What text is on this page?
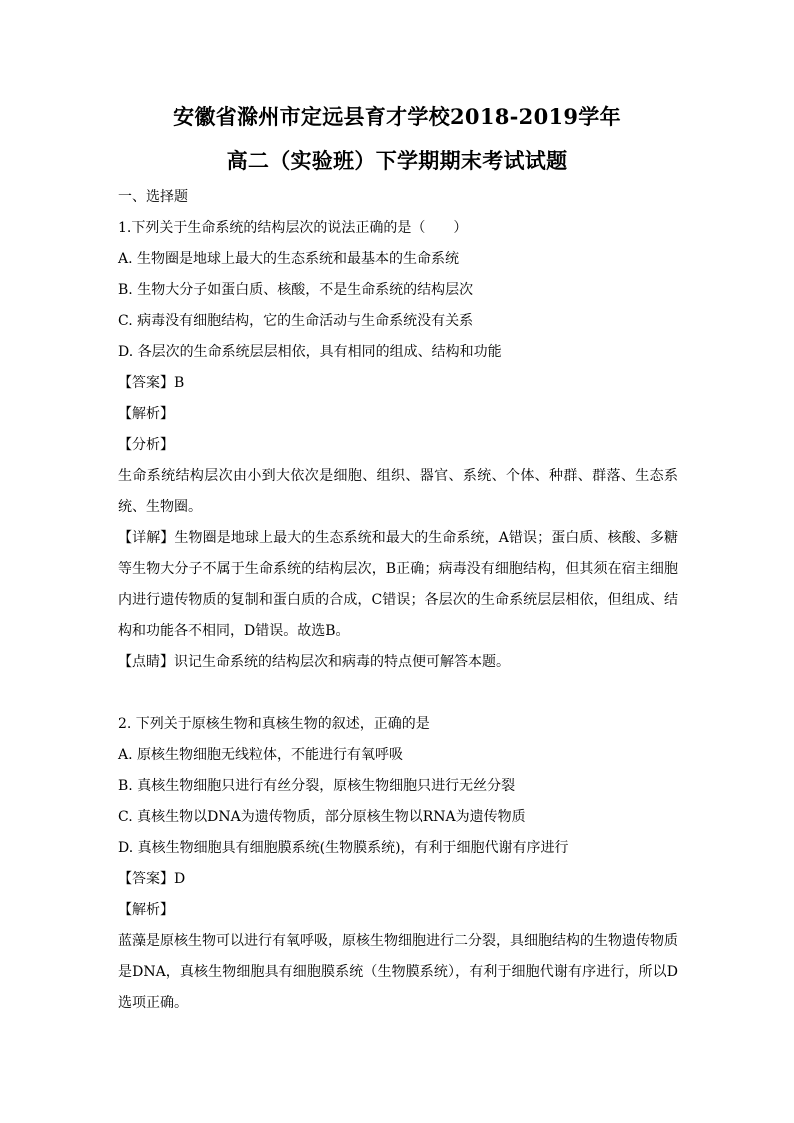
安徽省滁州市定远县育才学校2018-2019学年
高二（实验班）下学期期末考试试题

一、选择题

1.下列关于生命系统的结构层次的说法正确的是（　　）

A. 生物圈是地球上最大的生态系统和最基本的生命系统

B. 生物大分子如蛋白质、核酸，不是生命系统的结构层次

C. 病毒没有细胞结构，它的生命活动与生命系统没有关系

D. 各层次的生命系统层层相依，具有相同的组成、结构和功能

【答案】B

【解析】

【分析】

生命系统结构层次由小到大依次是细胞、组织、器官、系统、个体、种群、群落、生态系统、生物圈。

【详解】生物圈是地球上最大的生态系统和最大的生命系统，A错误；蛋白质、核酸、多糖等生物大分子不属于生命系统的结构层次，B正确；病毒没有细胞结构，但其须在宿主细胞内进行遗传物质的复制和蛋白质的合成，C错误；各层次的生命系统层层相依，但组成、结构和功能各不相同，D错误。故选B。

【点睛】识记生命系统的结构层次和病毒的特点便可解答本题。

2. 下列关于原核生物和真核生物的叙述，正确的是

A. 原核生物细胞无线粒体，不能进行有氧呼吸

B. 真核生物细胞只进行有丝分裂，原核生物细胞只进行无丝分裂

C. 真核生物以DNA为遗传物质，部分原核生物以RNA为遗传物质

D. 真核生物细胞具有细胞膜系统(生物膜系统)，有利于细胞代谢有序进行

【答案】D

【解析】

蓝藻是原核生物可以进行有氧呼吸，原核生物细胞进行二分裂，具细胞结构的生物遗传物质是DNA，真核生物细胞具有细胞膜系统（生物膜系统），有利于细胞代谢有序进行，所以D选项正确。
